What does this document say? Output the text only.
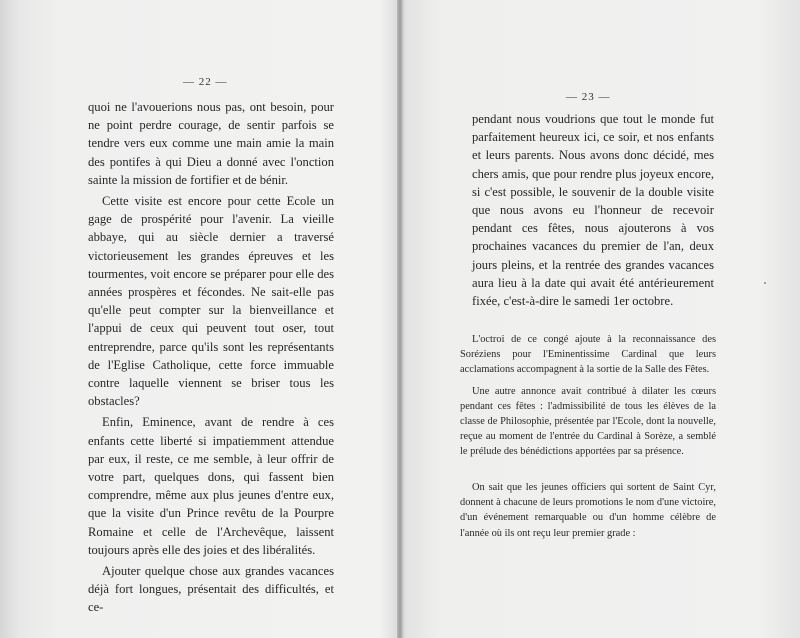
— 22 —

quoi ne l'avouerions nous pas, ont besoin, pour ne point perdre courage, de sentir parfois se tendre vers eux comme une main amie la main des pontifes à qui Dieu a donné avec l'onction sainte la mission de fortifier et de bénir.

Cette visite est encore pour cette Ecole un gage de prospérité pour l'avenir. La vieille abbaye, qui au siècle dernier a traversé victorieusement les grandes épreuves et les tourmentes, voit encore se préparer pour elle des années prospères et fécondes. Ne sait-elle pas qu'elle peut compter sur la bienveillance et l'appui de ceux qui peuvent tout oser, tout entreprendre, parce qu'ils sont les représentants de l'Eglise Catholique, cette force immuable contre laquelle viennent se briser tous les obstacles?

Enfin, Eminence, avant de rendre à ces enfants cette liberté si impatiemment attendue par eux, il reste, ce me semble, à leur offrir de votre part, quelques dons, qui fassent bien comprendre, même aux plus jeunes d'entre eux, que la visite d'un Prince revêtu de la Pourpre Romaine et celle de l'Archevêque, laissent toujours après elle des joies et des libéralités.

Ajouter quelque chose aux grandes vacances déjà fort longues, présentait des difficultés, et ce-

— 23 —

pendant nous voudrions que tout le monde fut parfaitement heureux ici, ce soir, et nos enfants et leurs parents. Nous avons donc décidé, mes chers amis, que pour rendre plus joyeux encore, si c'est possible, le souvenir de la double visite que nous avons eu l'honneur de recevoir pendant ces fêtes, nous ajouterons à vos prochaines vacances du premier de l'an, deux jours pleins, et la rentrée des grandes vacances aura lieu à la date qui avait été antérieurement fixée, c'est-à-dire le samedi 1er octobre.

L'octroi de ce congé ajoute à la reconnaissance des Soréziens pour l'Eminentissime Cardinal que leurs acclamations accompagnent à la sortie de la Salle des Fêtes.

Une autre annonce avait contribué à dilater les cœurs pendant ces fêtes : l'admissibilité de tous les élèves de la classe de Philosophie, présentée par l'Ecole, dont la nouvelle, reçue au moment de l'entrée du Cardinal à Sorèze, a semblé le prélude des bénédictions apportées par sa présence.

On sait que les jeunes officiers qui sortent de Saint Cyr, donnent à chacune de leurs promotions le nom d'une victoire, d'un événement remarquable ou d'un homme célèbre de l'année où ils ont reçu leur premier grade :
